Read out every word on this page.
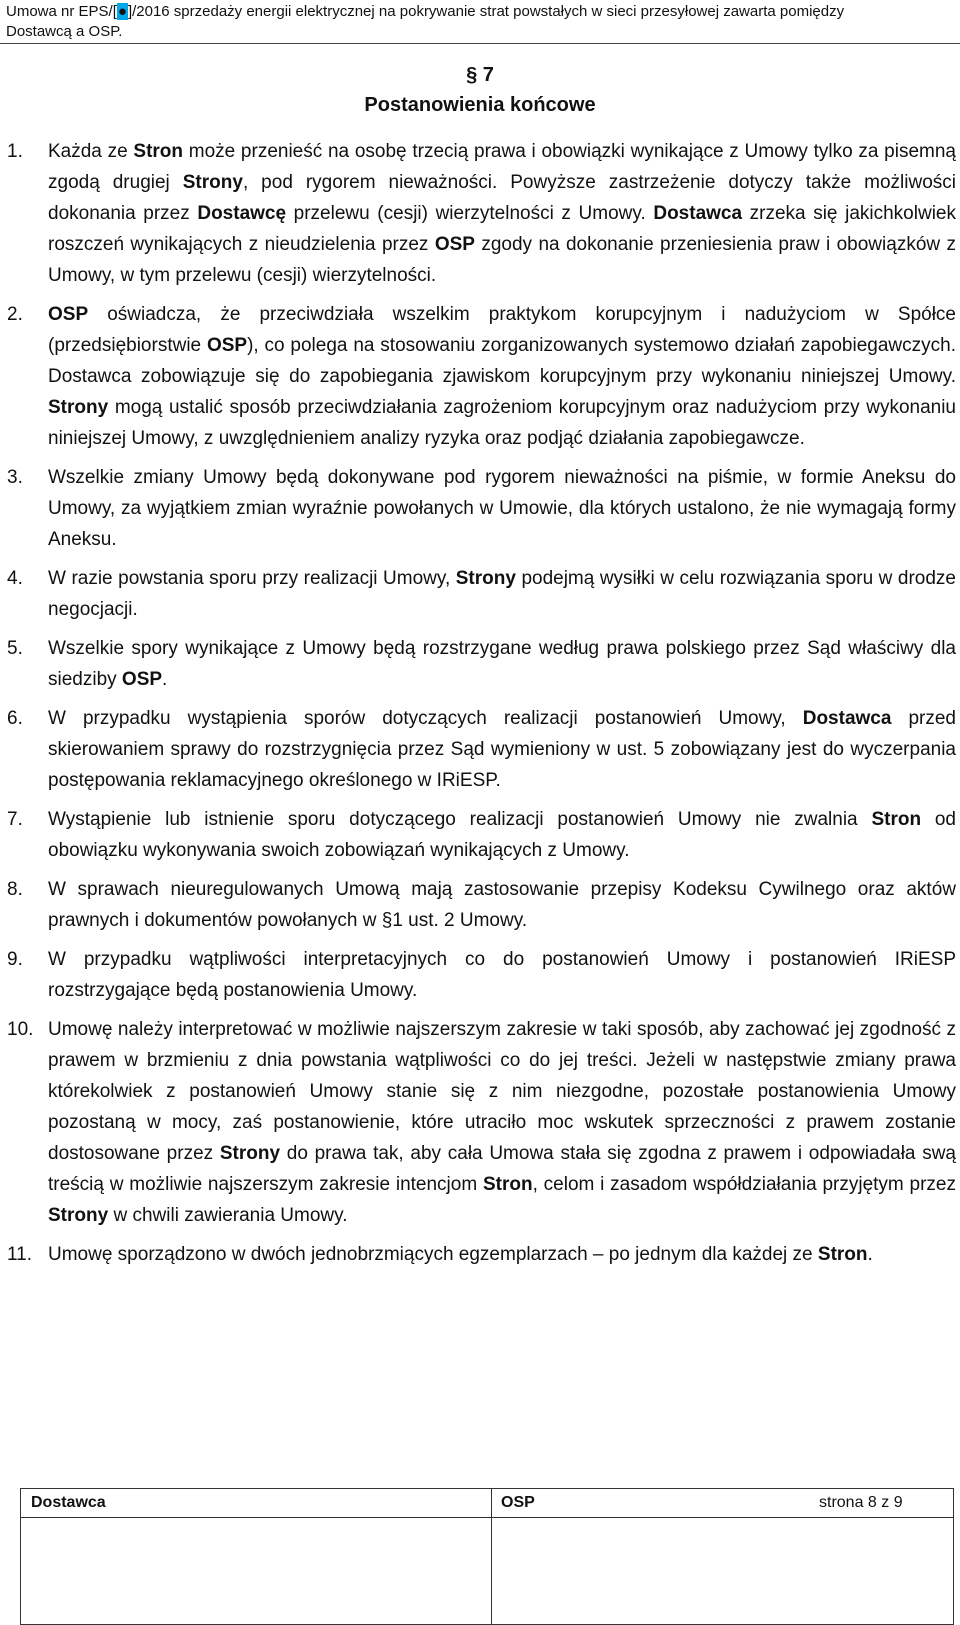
Umowa nr EPS/[●]/2016 sprzedaży energii elektrycznej na pokrywanie strat powstałych w sieci przesyłowej zawarta pomiędzy
Dostawcą a OSP.
§ 7
Postanowienia końcowe
1. Każda ze Stron może przenieść na osobę trzecią prawa i obowiązki wynikające z Umowy tylko za pisemną zgodą drugiej Strony, pod rygorem nieważności. Powyższe zastrzeżenie dotyczy także możliwości dokonania przez Dostawcę przelewu (cesji) wierzytelności z Umowy. Dostawca zrzeka się jakichkolwiek roszczeń wynikających z nieudzielenia przez OSP zgody na dokonanie przeniesienia praw i obowiązków z Umowy, w tym przelewu (cesji) wierzytelności.
2. OSP oświadcza, że przeciwdziała wszelkim praktykom korupcyjnym i nadużyciom w Spółce (przedsiębiorstwie OSP), co polega na stosowaniu zorganizowanych systemowo działań zapobiegawczych. Dostawca zobowiązuje się do zapobiegania zjawiskom korupcyjnym przy wykonaniu niniejszej Umowy. Strony mogą ustalić sposób przeciwdziałania zagrożeniom korupcyjnym oraz nadużyciom przy wykonaniu niniejszej Umowy, z uwzględnieniem analizy ryzyka oraz podjąć działania zapobiegawcze.
3. Wszelkie zmiany Umowy będą dokonywane pod rygorem nieważności na piśmie, w formie Aneksu do Umowy, za wyjątkiem zmian wyraźnie powołanych w Umowie, dla których ustalono, że nie wymagają formy Aneksu.
4. W razie powstania sporu przy realizacji Umowy, Strony podejmą wysiłki w celu rozwiązania sporu w drodze negocjacji.
5. Wszelkie spory wynikające z Umowy będą rozstrzygane według prawa polskiego przez Sąd właściwy dla siedziby OSP.
6. W przypadku wystąpienia sporów dotyczących realizacji postanowień Umowy, Dostawca przed skierowaniem sprawy do rozstrzygnięcia przez Sąd wymieniony w ust. 5 zobowiązany jest do wyczerpania postępowania reklamacyjnego określonego w IRiESP.
7. Wystąpienie lub istnienie sporu dotyczącego realizacji postanowień Umowy nie zwalnia Stron od obowiązku wykonywania swoich zobowiązań wynikających z Umowy.
8. W sprawach nieuregulowanych Umową mają zastosowanie przepisy Kodeksu Cywilnego oraz aktów prawnych i dokumentów powołanych w §1 ust. 2 Umowy.
9. W przypadku wątpliwości interpretacyjnych co do postanowień Umowy i postanowień IRiESP rozstrzygające będą postanowienia Umowy.
10. Umowę należy interpretować w możliwie najszerszym zakresie w taki sposób, aby zachować jej zgodność z prawem w brzmieniu z dnia powstania wątpliwości co do jej treści. Jeżeli w następstwie zmiany prawa którekolwiek z postanowień Umowy stanie się z nim niezgodne, pozostałe postanowienia Umowy pozostaną w mocy, zaś postanowienie, które utraciło moc wskutek sprzeczności z prawem zostanie dostosowane przez Strony do prawa tak, aby cała Umowa stała się zgodna z prawem i odpowiadała swą treścią w możliwie najszerszym zakresie intencjom Stron, celom i zasadom współdziałania przyjętym przez Strony w chwili zawierania Umowy.
11. Umowę sporządzono w dwóch jednobrzmiących egzemplarzach – po jednym dla każdej ze Stron.
Dostawca	OSP	strona 8 z 9
